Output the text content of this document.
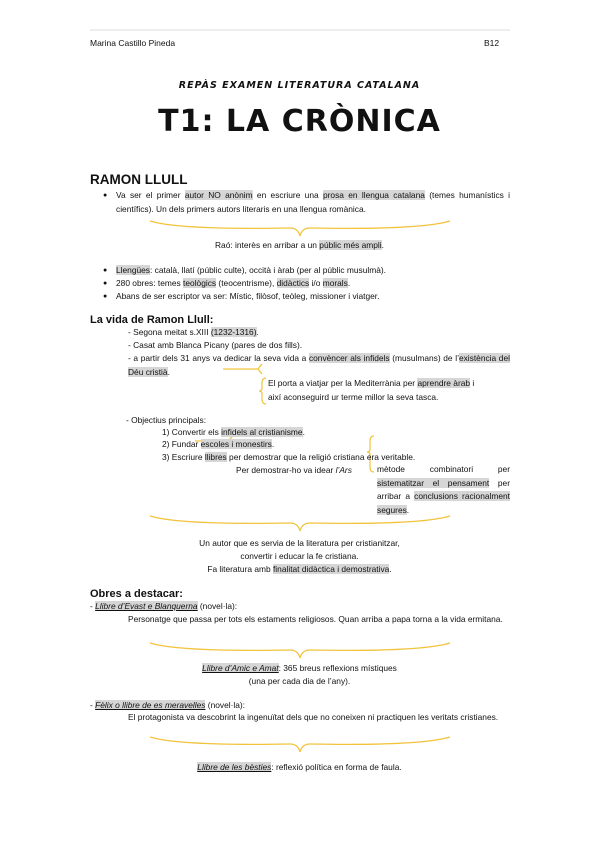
Marina Castillo Pineda	B12
REPÀS EXAMEN LITERATURA CATALANA
T1: LA CRÒNICA
RAMON LLULL
● Va ser el primer autor NO anònim en escriure una prosa en llengua catalana (temes humanístics i científics). Un dels primers autors literaris en una llengua romànica.
Raó: interès en arribar a un públic més ampli.
● Llengües: català, llatí (públic culte), occità i àrab (per al públic musulmà).
● 280 obres: temes teològics (teocentrisme), didàctics i/o morals.
● Abans de ser escriptor va ser: Místic, filòsof, teòleg, missioner i viatger.
La vida de Ramon Llull:
- Segona meitat s.XIII (1232-1316).
- Casat amb Blanca Picany (pares de dos fills).
- a partir dels 31 anys va dedicar la seva vida a convèncer als infidels (musulmans) de l’existència del Déu cristià.
El porta a viatjar per la Mediterrània per aprendre àrab i així aconseguird ur terme millor la seva tasca.
- Objectius principals:
1) Convertir els infidels al cristianisme.
2) Fundar escoles i monestirs.
3) Escriure llibres per demostrar que la religió cristiana era veritable.
Per demostrar-ho va idear l’Ars	mètode combinatori per sistematitzar el pensament per arribar a conclusions racionalment segures.
Un autor que es servia de la literatura per cristianitzar,
convertir i educar la fe cristiana.
Fa literatura amb finalitat didàctica i demostrativa.
Obres a destacar:
- Llibre d’Evast e Blanquerna (novel·la):
Personatge que passa per tots els estaments religiosos. Quan arriba a papa torna a la vida ermitana.
Llibre d’Amic e Amat: 365 breus reflexions místiques
(una per cada dia de l’any).
- Fèlix o llibre de es meravelles (novel·la):
El protagonista va descobrint la ingenuïtat dels que no coneixen ni practiquen les veritats cristianes.
Llibre de les bèsties: reflexió política en forma de faula.
